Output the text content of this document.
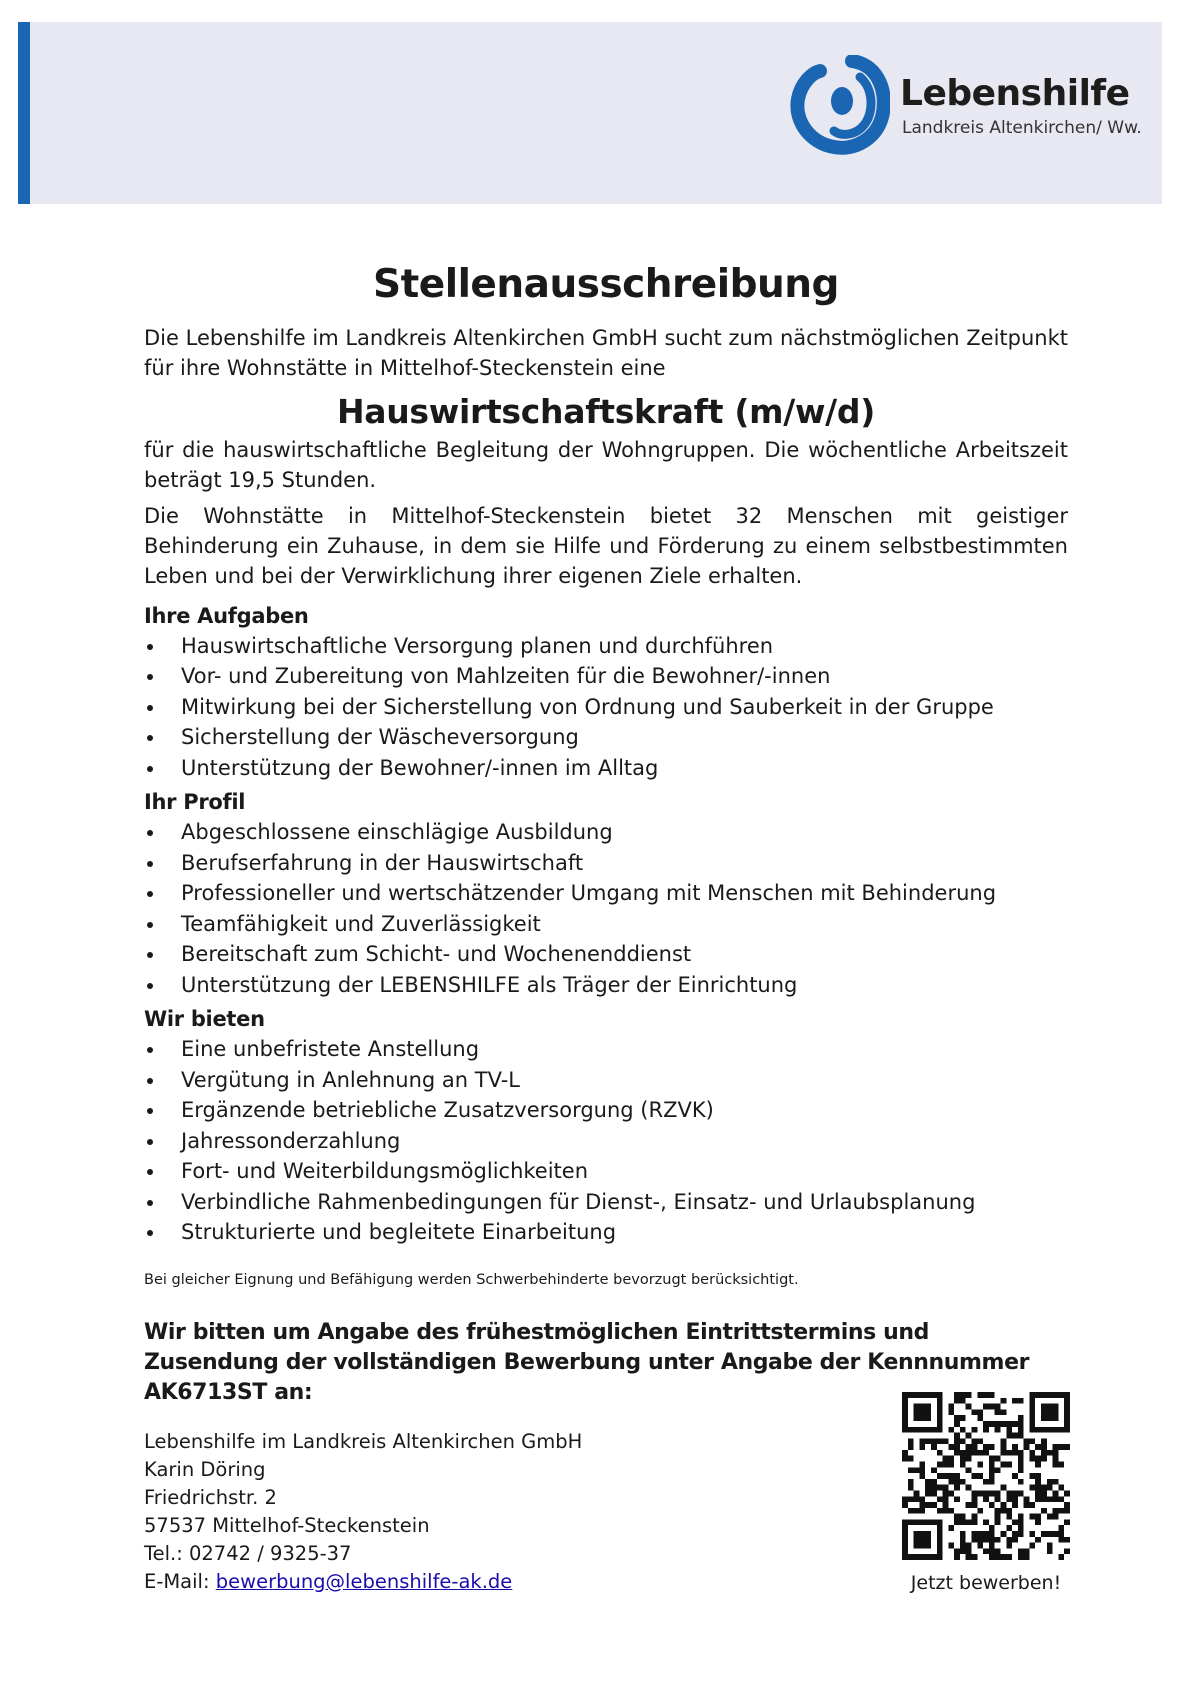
Lebenshilfe
Landkreis Altenkirchen/ Ww.
Stellenausschreibung

Die Lebenshilfe im Landkreis Altenkirchen GmbH sucht zum nächstmöglichen Zeitpunkt für ihre Wohnstätte in Mittelhof-Steckenstein eine

Hauswirtschaftskraft (m/w/d)

für die hauswirtschaftliche Begleitung der Wohngruppen. Die wöchentliche Arbeitszeit beträgt 19,5 Stunden.

Die Wohnstätte in Mittelhof-Steckenstein bietet 32 Menschen mit geistiger Behinderung ein Zuhause, in dem sie Hilfe und Förderung zu einem selbstbestimmten Leben und bei der Verwirklichung ihrer eigenen Ziele erhalten.

Ihre Aufgaben
Hauswirtschaftliche Versorgung planen und durchführen
Vor- und Zubereitung von Mahlzeiten für die Bewohner/-innen
Mitwirkung bei der Sicherstellung von Ordnung und Sauberkeit in der Gruppe
Sicherstellung der Wäscheversorgung
Unterstützung der Bewohner/-innen im Alltag
Ihr Profil
Abgeschlossene einschlägige Ausbildung
Berufserfahrung in der Hauswirtschaft
Professioneller und wertschätzender Umgang mit Menschen mit Behinderung
Teamfähigkeit und Zuverlässigkeit
Bereitschaft zum Schicht- und Wochenenddienst
Unterstützung der LEBENSHILFE als Träger der Einrichtung
Wir bieten
Eine unbefristete Anstellung
Vergütung in Anlehnung an TV-L
Ergänzende betriebliche Zusatzversorgung (RZVK)
Jahressonderzahlung
Fort- und Weiterbildungsmöglichkeiten
Verbindliche Rahmenbedingungen für Dienst-, Einsatz- und Urlaubsplanung
Strukturierte und begleitete Einarbeitung

Bei gleicher Eignung und Befähigung werden Schwerbehinderte bevorzugt berücksichtigt.

Wir bitten um Angabe des frühestmöglichen Eintrittstermins und Zusendung der vollständigen Bewerbung unter Angabe der Kennnummer AK6713ST an:

Lebenshilfe im Landkreis Altenkirchen GmbH
Karin Döring
Friedrichstr. 2
57537 Mittelhof-Steckenstein
Tel.: 02742 / 9325-37
E-Mail: bewerbung@lebenshilfe-ak.de	Jetzt bewerben!
